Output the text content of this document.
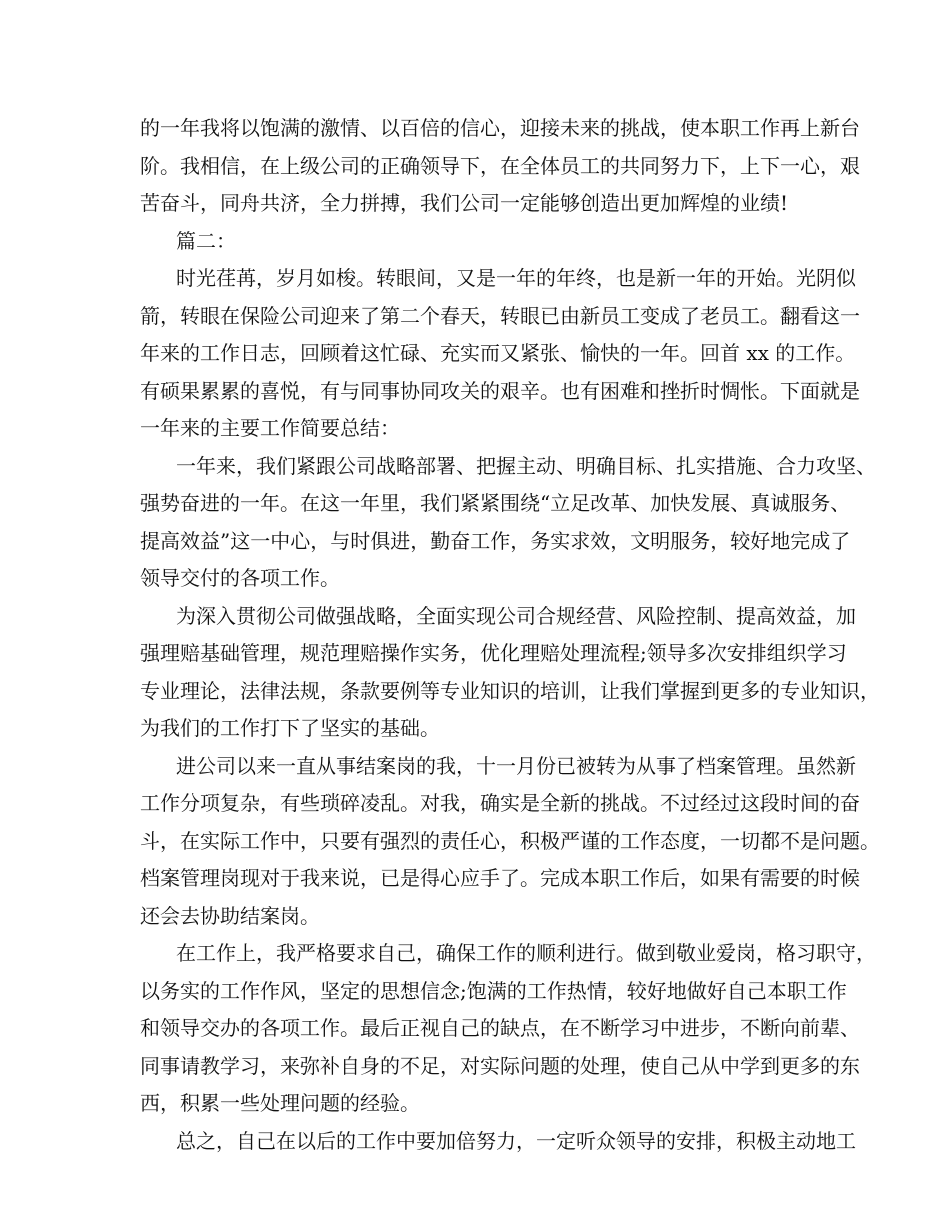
的一年我将以饱满的激情、以百倍的信心，迎接未来的挑战，使本职工作再上新台
阶。我相信，在上级公司的正确领导下，在全体员工的共同努力下，上下一心，艰
苦奋斗，同舟共济，全力拼搏，我们公司一定能够创造出更加辉煌的业绩!
篇二：
时光荏苒，岁月如梭。转眼间，又是一年的年终，也是新一年的开始。光阴似
箭，转眼在保险公司迎来了第二个春天，转眼已由新员工变成了老员工。翻看这一
年来的工作日志，回顾着这忙碌、充实而又紧张、愉快的一年。回首 xx 的工作。
有硕果累累的喜悦，有与同事协同攻关的艰辛。也有困难和挫折时惆怅。下面就是
一年来的主要工作简要总结：
一年来，我们紧跟公司战略部署、把握主动、明确目标、扎实措施、合力攻坚、
强势奋进的一年。在这一年里，我们紧紧围绕“立足改革、加快发展、真诚服务、
提高效益”这一中心，与时俱进，勤奋工作，务实求效，文明服务，较好地完成了
领导交付的各项工作。
为深入贯彻公司做强战略，全面实现公司合规经营、风险控制、提高效益，加
强理赔基础管理，规范理赔操作实务，优化理赔处理流程;领导多次安排组织学习
专业理论，法律法规，条款要例等专业知识的培训，让我们掌握到更多的专业知识，
为我们的工作打下了坚实的基础。
进公司以来一直从事结案岗的我，十一月份已被转为从事了档案管理。虽然新
工作分项复杂，有些琐碎凌乱。对我，确实是全新的挑战。不过经过这段时间的奋
斗，在实际工作中，只要有强烈的责任心，积极严谨的工作态度，一切都不是问题。
档案管理岗现对于我来说，已是得心应手了。完成本职工作后，如果有需要的时候
还会去协助结案岗。
在工作上，我严格要求自己，确保工作的顺利进行。做到敬业爱岗，格习职守，
以务实的工作作风，坚定的思想信念;饱满的工作热情，较好地做好自己本职工作
和领导交办的各项工作。最后正视自己的缺点，在不断学习中进步，不断向前辈、
同事请教学习，来弥补自身的不足，对实际问题的处理，使自己从中学到更多的东
西，积累一些处理问题的经验。
总之，自己在以后的工作中要加倍努力，一定听众领导的安排，积极主动地工
